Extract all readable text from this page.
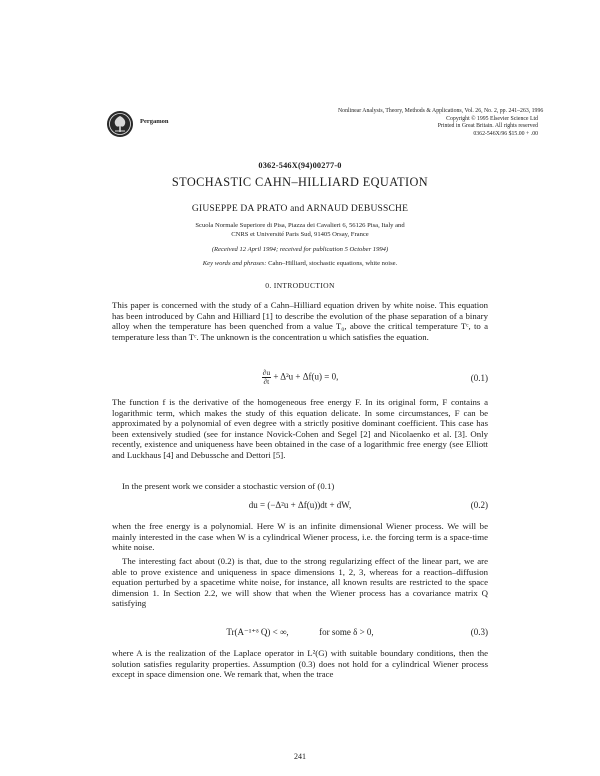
Pergamon
Nonlinear Analysis, Theory, Methods & Applications, Vol. 26, No. 2, pp. 241–263, 1996
Copyright © 1995 Elsevier Science Ltd
Printed in Great Britain. All rights reserved
0362-546X/96 $15.00 + .00
0362-546X(94)00277-0
STOCHASTIC CAHN–HILLIARD EQUATION
GIUSEPPE DA PRATO and ARNAUD DEBUSSCHE
Scuola Normale Superiore di Pisa, Piazza dei Cavalieri 6, 56126 Pisa, Italy and
CNRS et Université Paris Sud, 91405 Orsay, France
(Received 12 April 1994; received for publication 5 October 1994)
Key words and phrases: Cahn–Hilliard, stochastic equations, white noise.
0. INTRODUCTION
This paper is concerned with the study of a Cahn–Hilliard equation driven by white noise. This equation has been introduced by Cahn and Hilliard [1] to describe the evolution of the phase separation of a binary alloy when the temperature has been quenched from a value T₀, above the critical temperature Tᶜ, to a temperature less than Tᶜ. The unknown is the concentration u which satisfies the equation.
$\frac{\partial u}{\partial t} + \Delta^2u + \Delta f(u) = 0$,	(0.1)
The function f is the derivative of the homogeneous free energy F. In its original form, F contains a logarithmic term, which makes the study of this equation delicate. In some circumstances, F can be approximated by a polynomial of even degree with a strictly positive dominant coefficient. This case has been extensively studied (see for instance Novick-Cohen and Segel [2] and Nicolaenko et al. [3]. Only recently, existence and uniqueness have been obtained in the case of a logarithmic free energy (see Elliott and Luckhaus [4] and Debussche and Dettori [5].
In the present work we consider a stochastic version of (0.1)
du = (−Δ²u + Δf(u))dt + dW,	(0.2)
when the free energy is a polynomial. Here W is an infinite dimensional Wiener process. We will be mainly interested in the case when W is a cylindrical Wiener process, i.e. the forcing term is a space-time white noise.
The interesting fact about (0.2) is that, due to the strong regularizing effect of the linear part, we are able to prove existence and uniqueness in space dimensions 1, 2, 3, whereas for a reaction–diffusion equation perturbed by a spacetime white noise, for instance, all known results are restricted to the space dimension 1. In Section 2.2, we will show that when the Wiener process has a covariance matrix Q satisfying
Tr(A⁻¹⁺ᵟ Q) < ∞,	for some δ > 0,	(0.3)
where A is the realization of the Laplace operator in L²(G) with suitable boundary conditions, then the solution satisfies regularity properties. Assumption (0.3) does not hold for a cylindrical Wiener process except in space dimension one. We remark that, when the trace
241
